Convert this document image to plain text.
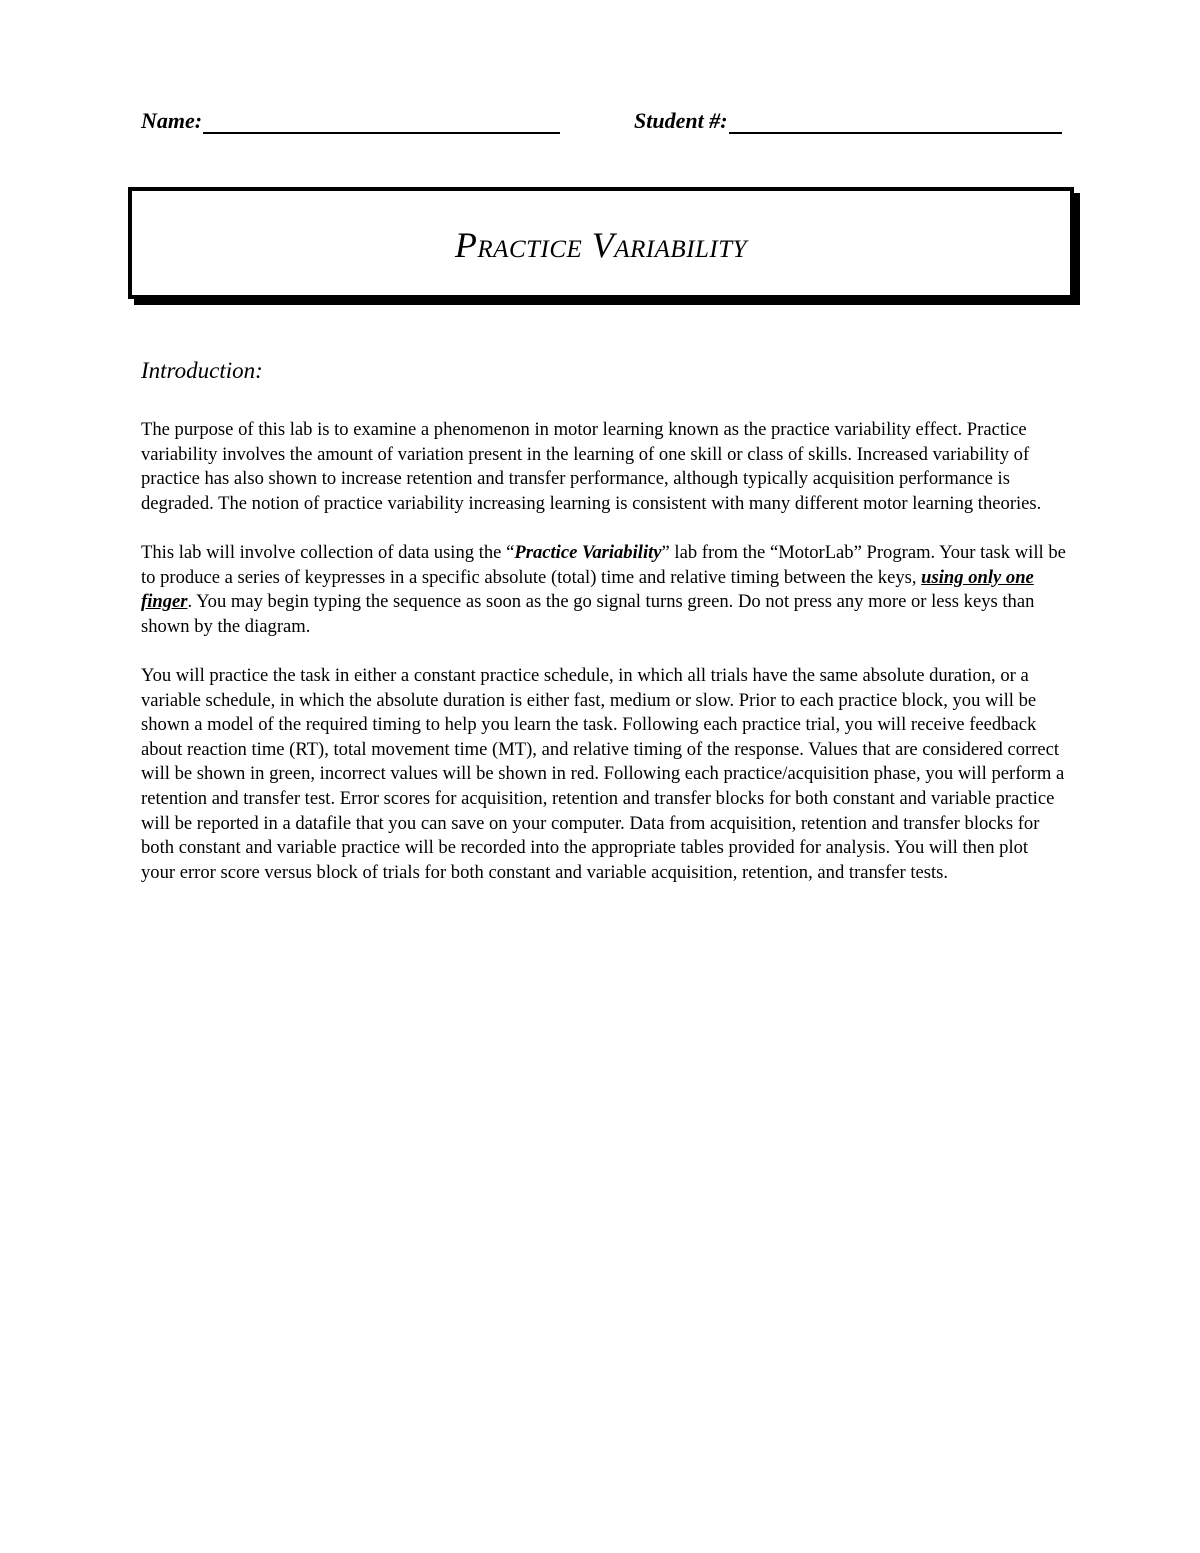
Name:	Student #:
Practice Variability
Introduction:

The purpose of this lab is to examine a phenomenon in motor learning known as the practice variability effect. Practice variability involves the amount of variation present in the learning of one skill or class of skills. Increased variability of practice has also shown to increase retention and transfer performance, although typically acquisition performance is degraded. The notion of practice variability increasing learning is consistent with many different motor learning theories.

This lab will involve collection of data using the “Practice Variability” lab from the “MotorLab” Program. Your task will be to produce a series of keypresses in a specific absolute (total) time and relative timing between the keys, using only one finger. You may begin typing the sequence as soon as the go signal turns green. Do not press any more or less keys than shown by the diagram.

You will practice the task in either a constant practice schedule, in which all trials have the same absolute duration, or a variable schedule, in which the absolute duration is either fast, medium or slow. Prior to each practice block, you will be shown a model of the required timing to help you learn the task. Following each practice trial, you will receive feedback about reaction time (RT), total movement time (MT), and relative timing of the response. Values that are considered correct will be shown in green, incorrect values will be shown in red. Following each practice/acquisition phase, you will perform a retention and transfer test. Error scores for acquisition, retention and transfer blocks for both constant and variable practice will be reported in a datafile that you can save on your computer. Data from acquisition, retention and transfer blocks for both constant and variable practice will be recorded into the appropriate tables provided for analysis. You will then plot your error score versus block of trials for both constant and variable acquisition, retention, and transfer tests.
